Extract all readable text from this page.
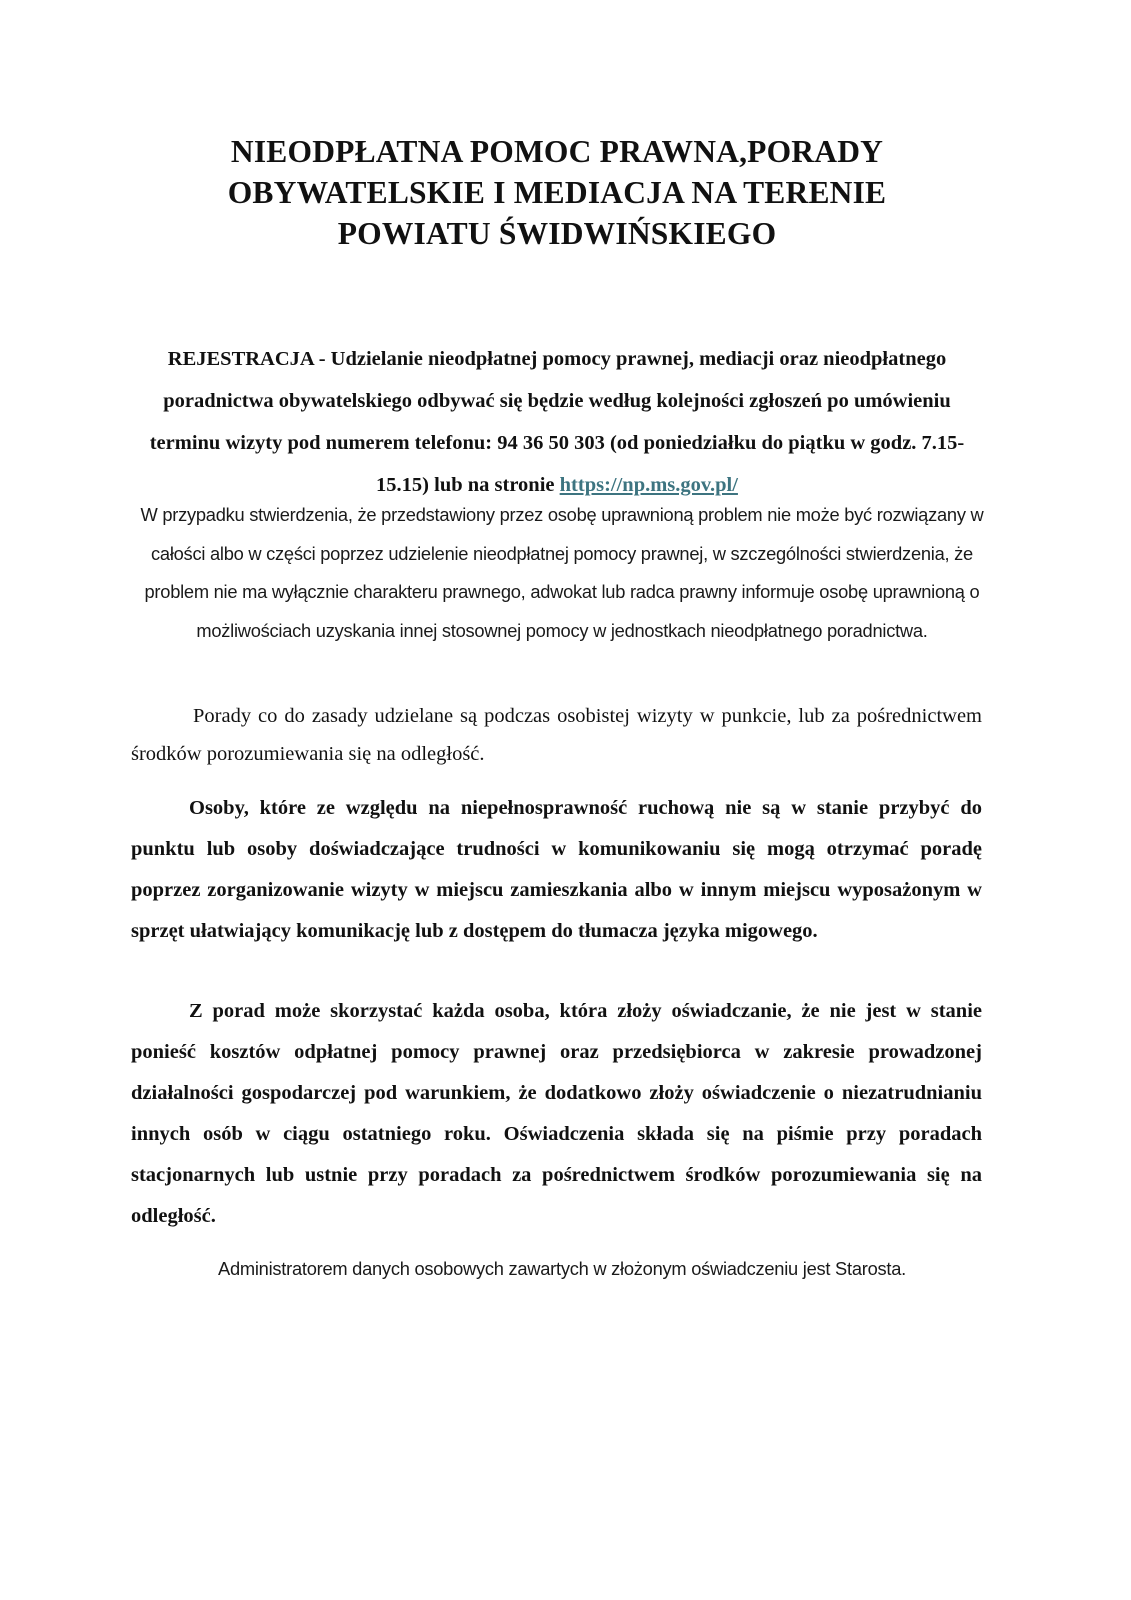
NIEODPŁATNA POMOC PRAWNA,PORADY
OBYWATELSKIE I MEDIACJA NA TERENIE
POWIATU ŚWIDWIŃSKIEGO

REJESTRACJA - Udzielanie nieodpłatnej pomocy prawnej, mediacji oraz nieodpłatnego poradnictwa obywatelskiego odbywać się będzie według kolejności zgłoszeń po umówieniu terminu wizyty pod numerem telefonu: 94 36 50 303 (od poniedziałku do piątku w godz. 7.15-15.15) lub na stronie https://np.ms.gov.pl/

W przypadku stwierdzenia, że przedstawiony przez osobę uprawnioną problem nie może być rozwiązany w całości albo w części poprzez udzielenie nieodpłatnej pomocy prawnej, w szczególności stwierdzenia, że problem nie ma wyłącznie charakteru prawnego, adwokat lub radca prawny informuje osobę uprawnioną o możliwościach uzyskania innej stosownej pomocy w jednostkach nieodpłatnego poradnictwa.

Porady co do zasady udzielane są podczas osobistej wizyty w punkcie, lub za pośrednictwem środków porozumiewania się na odległość.

Osoby, które ze względu na niepełnosprawność ruchową nie są w stanie przybyć do punktu lub osoby doświadczające trudności w komunikowaniu się mogą otrzymać poradę poprzez zorganizowanie wizyty w miejscu zamieszkania albo w innym miejscu wyposażonym w sprzęt ułatwiający komunikację lub z dostępem do tłumacza języka migowego.

Z porad może skorzystać każda osoba, która złoży oświadczanie, że nie jest w stanie ponieść kosztów odpłatnej pomocy prawnej oraz przedsiębiorca w zakresie prowadzonej działalności gospodarczej pod warunkiem, że dodatkowo złoży oświadczenie o niezatrudnianiu innych osób w ciągu ostatniego roku. Oświadczenia składa się na piśmie przy poradach stacjonarnych lub ustnie przy poradach za pośrednictwem środków porozumiewania się na odległość.

Administratorem danych osobowych zawartych w złożonym oświadczeniu jest Starosta.
